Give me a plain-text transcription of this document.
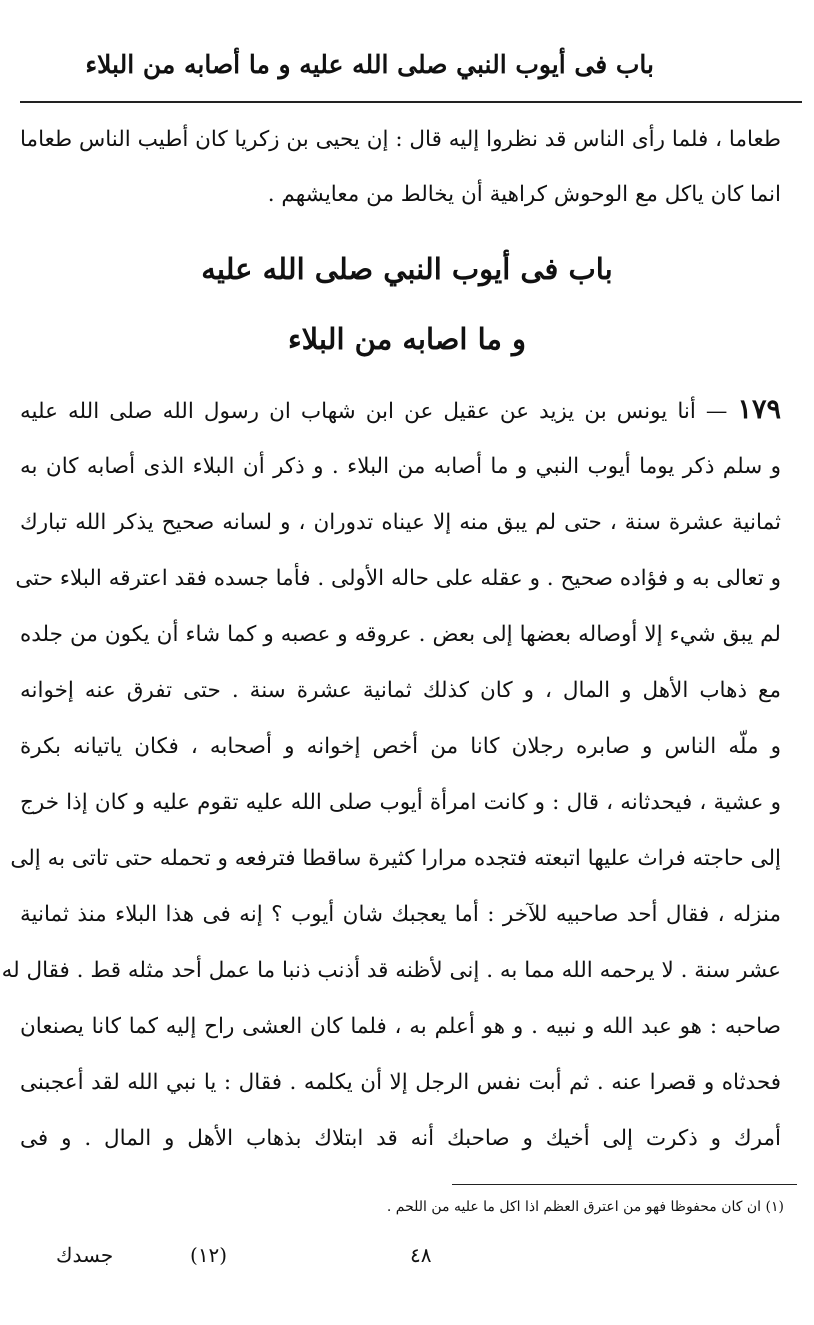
باب فى أيوب النبي صلى الله عليه و ما أصابه من البلاء
طعاما ، فلما رأى الناس قد نظروا إليه قال : إن يحيى بن زكريا كان أطيب الناس طعاما
انما كان ياكل مع الوحوش كراهية أن يخالط من معايشهم .
باب فى أيوب النبي صلى الله عليه
و ما اصابه من البلاء
١٧٩ — أنا يونس بن يزيد عن عقيل عن ابن شهاب ان رسول الله صلى الله عليه
و سلم ذكر يوما أيوب النبي و ما أصابه من البلاء . و ذكر أن البلاء الذى أصابه كان به
ثمانية عشرة سنة ، حتى لم يبق منه إلا عيناه تدوران ، و لسانه صحيح يذكر الله تبارك
و تعالى به و فؤاده صحيح . و عقله على حاله الأولى . فأما جسده فقد اعترقه البلاء حتى
لم يبق شيء إلا أوصاله بعضها إلى بعض . عروقه و عصبه و كما شاء أن يكون من جلده
مع ذهاب الأهل و المال ، و كان كذلك ثمانية عشرة سنة . حتى تفرق عنه إخوانه
و ملّه الناس و صابره رجلان كانا من أخص إخوانه و أصحابه ، فكان ياتيانه بكرة
و عشية ، فيحدثانه ، قال : و كانت امرأة أيوب صلى الله عليه تقوم عليه و كان إذا خرج
إلى حاجته فراث عليها اتبعته فتجده مرارا كثيرة ساقطا فترفعه و تحمله حتى تاتى به إلى
منزله ، فقال أحد صاحبيه للآخر : أما يعجبك شان أيوب ؟ إنه فى هذا البلاء منذ ثمانية
عشر سنة . لا يرحمه الله مما به . إنى لأظنه قد أذنب ذنبا ما عمل أحد مثله قط . فقال له
صاحبه : هو عبد الله و نبيه . و هو أعلم به ، فلما كان العشى راح إليه كما كانا يصنعان
فحدثاه و قصرا عنه . ثم أبت نفس الرجل إلا أن يكلمه . فقال : يا نبي الله لقد أعجبنى
أمرك و ذكرت إلى أخيك و صاحبك أنه قد ابتلاك بذهاب الأهل و المال . و فى
(١) ان كان محفوظا فهو من اعترق العظم اذا اكل ما عليه من اللحم .
٤٨
(١٢)
جسدك
